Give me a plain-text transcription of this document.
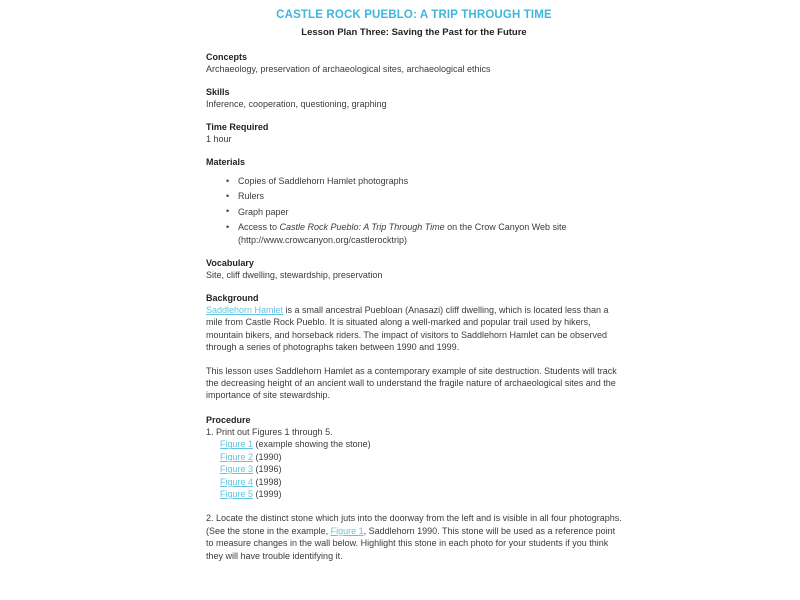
CASTLE ROCK PUEBLO: A TRIP THROUGH TIME
Lesson Plan Three: Saving the Past for the Future
Concepts
Archaeology, preservation of archaeological sites, archaeological ethics
Skills
Inference, cooperation, questioning, graphing
Time Required
1 hour
Materials
• Copies of Saddlehorn Hamlet photographs
• Rulers
• Graph paper
• Access to Castle Rock Pueblo: A Trip Through Time on the Crow Canyon Web site (http://www.crowcanyon.org/castlerocktrip)
Vocabulary
Site, cliff dwelling, stewardship, preservation
Background

Saddlehorn Hamlet is a small ancestral Puebloan (Anasazi) cliff dwelling, which is located less than a mile from Castle Rock Pueblo. It is situated along a well-marked and popular trail used by hikers, mountain bikers, and horseback riders. The impact of visitors to Saddlehorn Hamlet can be observed through a series of photographs taken between 1990 and 1999.

This lesson uses Saddlehorn Hamlet as a contemporary example of site destruction. Students will track the decreasing height of an ancient wall to understand the fragile nature of archaeological sites and the importance of site stewardship.

Procedure
1. Print out Figures 1 through 5.
Figure 1 (example showing the stone)
Figure 2 (1990)
Figure 3 (1996)
Figure 4 (1998)
Figure 5 (1999)

2. Locate the distinct stone which juts into the doorway from the left and is visible in all four photographs. (See the stone in the example, Figure 1, Saddlehorn 1990. This stone will be used as a reference point to measure changes in the wall below. Highlight this stone in each photo for your students if you think they will have trouble identifying it.
